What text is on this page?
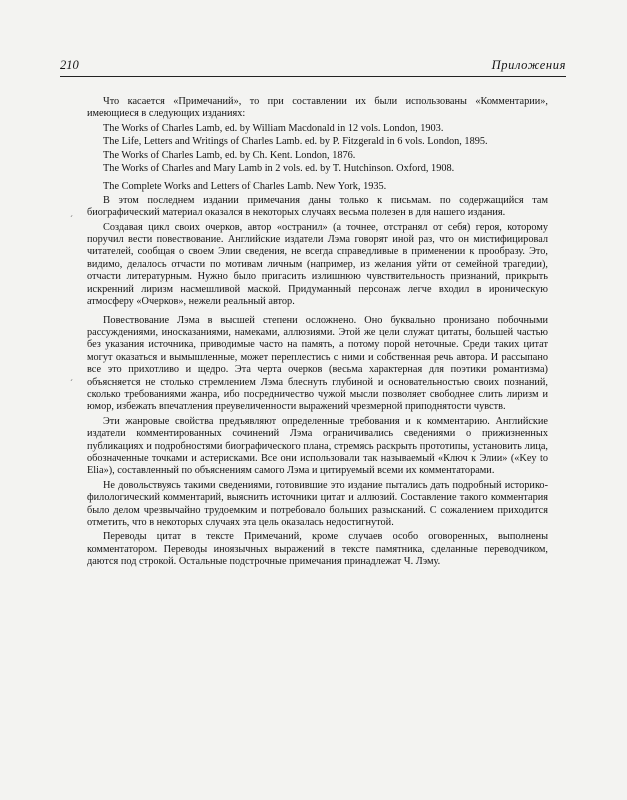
210	Приложения
ˊ
ˊ

Что касается «Примечаний», то при составлении их были использованы «Комментарии», имеющиеся в следующих изданиях:

The Works of Charles Lamb, ed. by William Macdonald in 12 vols. London, 1903.

The Life, Letters and Writings of Charles Lamb. ed. by P. Fitzgerald in 6 vols. London, 1895.

The Works of Charles Lamb, ed. by Ch. Kent. London, 1876.

The Works of Charles and Mary Lamb in 2 vols. ed. by T. Hutchinson. Oxford, 1908.

The Complete Works and Letters of Charles Lamb. New York, 1935.

В этом последнем издании примечания даны только к письмам. по содержащийся там биографический материал оказался в некоторых случаях весьма полезен в для нашего издания.

Создавая цикл своих очерков, автор «остранил» (а точнее, отстранял от себя) героя, которому поручил вести повествование. Английские издатели Лэма говорят иной раз, что он мистифицировал читателей, сообщая о своем Элии сведения, не всегда справедливые в применении к прообразу. Это, видимо, делалось отчасти по мотивам личным (например, из желания уйти от семейной трагедии), отчасти литературным. Нужно было пригасить излишнюю чувствительность признаний, прикрыть искренний лиризм насмешливой маской. Придуманный персонаж легче входил в ироническую атмосферу «Очерков», нежели реальный автор.

Повествование Лэма в высшей степени осложнено. Оно буквально пронизано побочными рассуждениями, иносказаниями, намеками, аллюзиями. Этой же цели служат цитаты, большей частью без указания источника, приводимые часто на память, а потому порой неточные. Среди таких цитат могут оказаться и вымышленные, может переплестись с ними и собственная речь автора. И рассыпано все это прихотливо и щедро. Эта черта очерков (весьма характерная для поэтики романтизма) объясняется не столько стремлением Лэма блеснуть глубиной и основательностью своих познаний, сколько требованиями жанра, ибо посредничество чужой мысли позволяет свободнее слить лиризм и юмор, избежать впечатления преувеличенности выражений чрезмерной приподнятости чувств.

Эти жанровые свойства предъявляют определенные требования и к комментарию. Английские издатели комментированных сочинений Лэма ограничивались сведениями о прижизненных публикациях и подробностями биографического плана, стремясь раскрыть прототипы, установить лица, обозначенные точками и астерисками. Все они использовали так называемый «Ключ к Элии» («Key to Elia»), составленный по объяснениям самого Лэма и цитируемый всеми их комментаторами.

Не довольствуясь такими сведениями, готовившие это издание пытались дать подробный историко-филологический комментарий, выяснить источники цитат и аллюзий. Составление такого комментария было делом чрезвычайно трудоемким и потребовало больших разысканий. С сожалением приходится отметить, что в некоторых случаях эта цель оказалась недостигнутой.

Переводы цитат в тексте Примечаний, кроме случаев особо оговоренных, выполнены комментатором. Переводы иноязычных выражений в тексте памятника, сделанные переводчиком, даются под строкой. Остальные подстрочные примечания принадлежат Ч. Лэму.
